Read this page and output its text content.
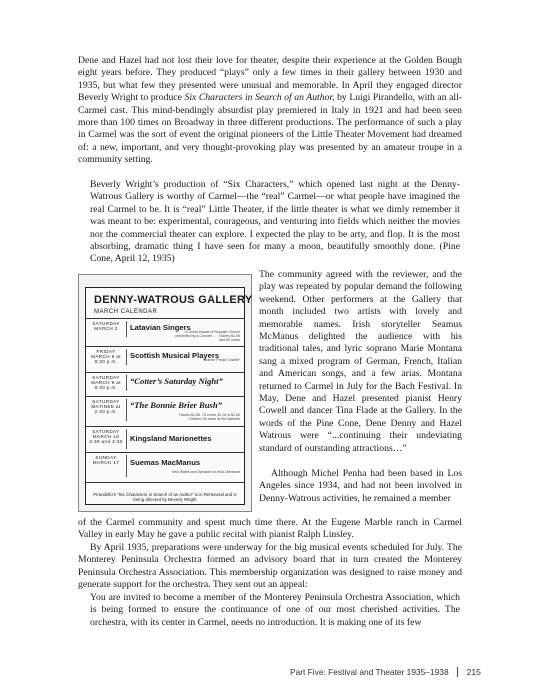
Dene and Hazel had not lost their love for theater, despite their experience at the Golden Bough eight years before. They produced “plays” only a few times in their gallery between 1930 and 1935, but what few they presented were unusual and memorable. In April they engaged director Beverly Wright to produce Six Characters in Search of an Author, by Luigi Pirandello, with an all-Carmel cast. This mind-bendingly absurdist play premiered in Italy in 1921 and had been seen more than 100 times on Broadway in three different productions. The performance of such a play in Carmel was the sort of event the original pioneers of the Little Theater Movement had dreamed of: a new, important, and very thought-provoking play was presented by an amateur troupe in a community setting.

Beverly Wright’s production of “Six Characters,” which opened last night at the Denny-Watrous Gallery is worthy of Carmel—the “real” Carmel—or what people have imagined the real Carmel to be. It is “real” Little Theater, if the little theater is what we dimly remember it was meant to be: experimental, courageous, and venturing into fields which neither the movies nor the commercial theater can explore. I expected the play to be arty, and flop. It is the most absorbing, dramatic thing I have seen for many a moon, beautifully smoothly done. (Pine Cone, April 12, 1935)

DENNY-WATROUS GALLERY
MARCH CALENDAR
SATURDAY MARCH 2	Latavian Singers
in Great Impact of Russian Church preceded by a Concert . . . Tickets $1.65 and 83 cents
FRIDAY MARCH 8 at 8:30 p.m.
Scottish Musical Players
“Bonnie Prince Charlie”
SATURDAY MARCH 9 at 8:30 p.m.
“Cotter’s Saturday Night”
SATURDAY MATINEE at 2:30 p.m.
“The Bonnie Brier Bush”
Tickets $1.65, 75 cents, $1.00 & $1.50 Children 35 cents at the Matinee
SATURDAY MARCH 16 2:30 and 3:30 Kingsland Marionettes
SUNDAY MARCH 17	Suemas MacManus
Irish Wales and Speaker on Irish Literature
Pirandello’s “Six Characters in Search of an Author” is in Rehearsal and is being directed by Beverly Wright

The community agreed with the reviewer, and the play was repeated by popular demand the following weekend. Other performers at the Gallery that month included two artists with lovely and memorable names. Irish storyteller Seamus McManus delighted the audience with his traditional tales, and lyric soprano Marie Montana sang a mixed program of German, French, Italian and American songs, and a few arias. Montana returned to Carmel in July for the Bach Festival. In May, Dene and Hazel presented pianist Henry Cowell and dancer Tina Flade at the Gallery. In the words of the Pine Cone, Dene Denny and Hazel Watrous were “...continuing their undeviating standard of outstanding attractions…”

Although Michel Penha had been based in Los Angeles since 1934, and had not been involved in Denny-Watrous activities, he remained a member

of the Carmel community and spent much time there. At the Eugene Marble ranch in Carmel Valley in early May he gave a public recital with pianist Ralph Linsley.

By April 1935, preparations were underway for the big musical events scheduled for July. The Monterey Peninsula Orchestra formed an advisory board that in turn created the Monterey Peninsula Orchestra Association. This membership organization was designed to raise money and generate support for the orchestra. They sent out an appeal:

You are invited to become a member of the Monterey Peninsula Orchestra Association, which is being formed to ensure the continuance of one of our most cherished activities. The orchestra, with its center in Carmel, needs no introduction. It is making one of its few

Part Five: Festival and Theater 1935–1938 215
